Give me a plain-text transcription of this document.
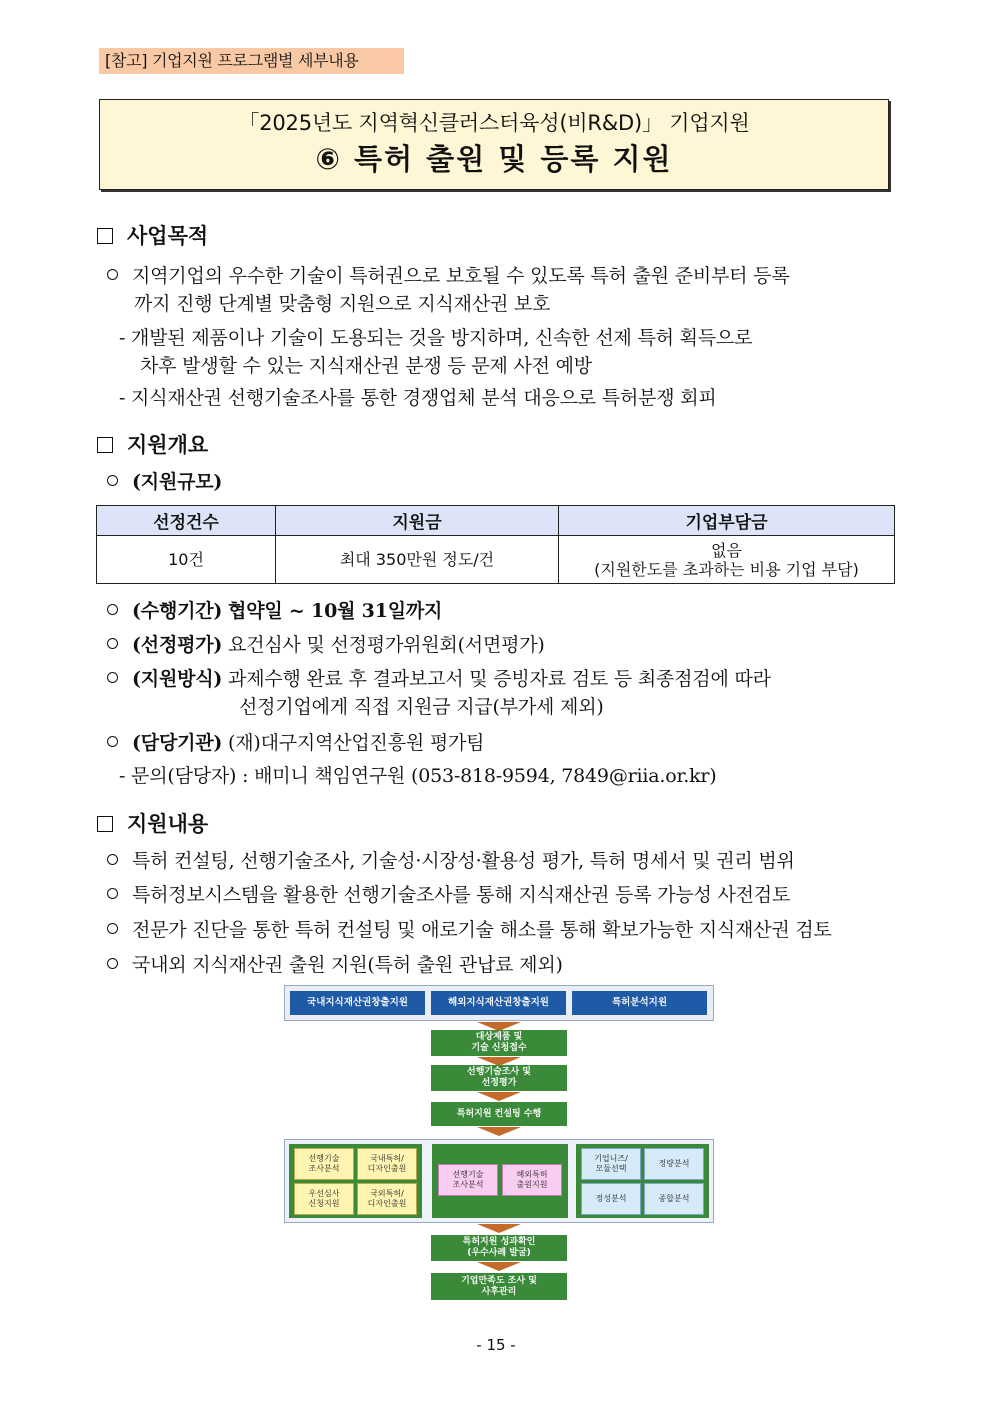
[참고] 기업지원 프로그램별 세부내용
「2025년도 지역혁신클러스터육성(비R&D)」 기업지원
⑥ 특허 출원 및 등록 지원
사업목적
지역기업의 우수한 기술이 특허권으로 보호될 수 있도록 특허 출원 준비부터 등록
까지 진행 단계별 맞춤형 지원으로 지식재산권 보호
- 개발된 제품이나 기술이 도용되는 것을 방지하며, 신속한 선제 특허 획득으로
차후 발생할 수 있는 지식재산권 분쟁 등 문제 사전 예방
- 지식재산권 선행기술조사를 통한 경쟁업체 분석 대응으로 특허분쟁 회피
지원개요
(지원규모)
선정건수	지원금	기업부담금
10건	최대 350만원 정도/건	없음
(지원한도를 초과하는 비용 기업 부담)
(수행기간) 협약일 ~ 10월 31일까지
(선정평가) 요건심사 및 선정평가위원회(서면평가)
(지원방식) 과제수행 완료 후 결과보고서 및 증빙자료 검토 등 최종점검에 따라
선정기업에게 직접 지원금 지급(부가세 제외)
(담당기관) (재)대구지역산업진흥원 평가팀
- 문의(담당자) : 배미니 책임연구원 (053-818-9594, 7849@riia.or.kr)
지원내용
특허 컨설팅, 선행기술조사, 기술성·시장성·활용성 평가, 특허 명세서 및 권리 범위
특허정보시스템을 활용한 선행기술조사를 통해 지식재산권 등록 가능성 사전검토
전문가 진단을 통한 특허 컨설팅 및 애로기술 해소를 통해 확보가능한 지식재산권 검토
국내외 지식재산권 출원 지원(특허 출원 관납료 제외)
국내지식재산권창출지원	해외지식재산권창출지원	특허분석지원
대상제품 및
기술 신청접수
선행기술조사 및
선정평가
특허지원 컨설팅 수행
선행기술
조사분석
국내특허/
디자인출원
우선심사
신청지원
국외특허/
디자인출원
선행기술
조사분석
해외특허
출원지원
기업니즈/
모듈선택
정량분석
정성분석	종합분석
특허지원 성과확인
(우수사례 발굴)
기업만족도 조사 및
사후관리
- 15 -
